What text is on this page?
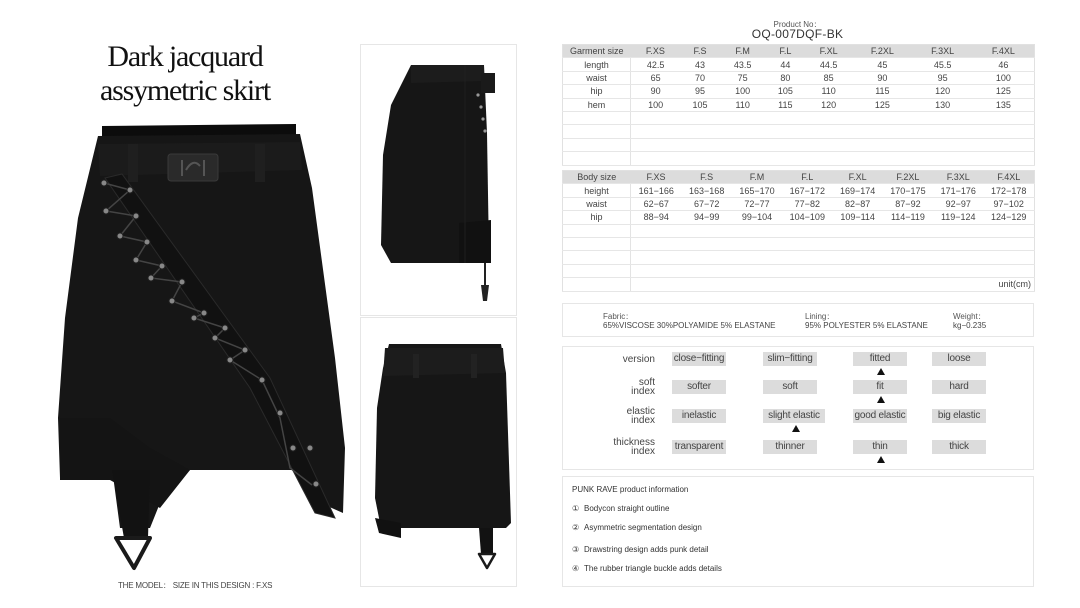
Dark jacquard
assymetric skirt
THE MODEL： SIZE IN THIS DESIGN : F.XS
Product No：
OQ-007DQF-BK
Garment size	F.XS	F.S	F.M	F.L	F.XL	F.2XL	F.3XL	F.4XL
length	42.5	43	43.5	44	44.5	45	45.5	46
waist	65	70	75	80	85	90	95	100
hip	90	95	100	105	110	115	120	125
hem	100	105	110	115	120	125	130	135

Body size	F.XS	F.S	F.M	F.L	F.XL	F.2XL	F.3XL	F.4XL
height	161−166	163−168	165−170	167−172	169−174	170−175	171−176	172−178
waist	62−67	67−72	72−77	77−82	82−87	87−92	92−97	97−102
hip	88−94	94−99	99−104	104−109	109−114	114−119	119−124	124−129

	unit(cm)							
Fabric：
65%VISCOSE 30%POLYAMIDE 5% ELASTANE
Lining：
95% POLYESTER 5% ELASTANE
Weight：
kg−0.235
version close−fitting	slim−fitting	fitted	loose
soft
index	softer	soft	fit	hard
elastic
index	inelastic	slight elastic	good elastic	big elastic
thickness
index transparent	thinner	thin	thick
PUNK RAVE product information
① Bodycon straight outline
② Asymmetric segmentation design
③ Drawstring design adds punk detail
④ The rubber triangle buckle adds details
